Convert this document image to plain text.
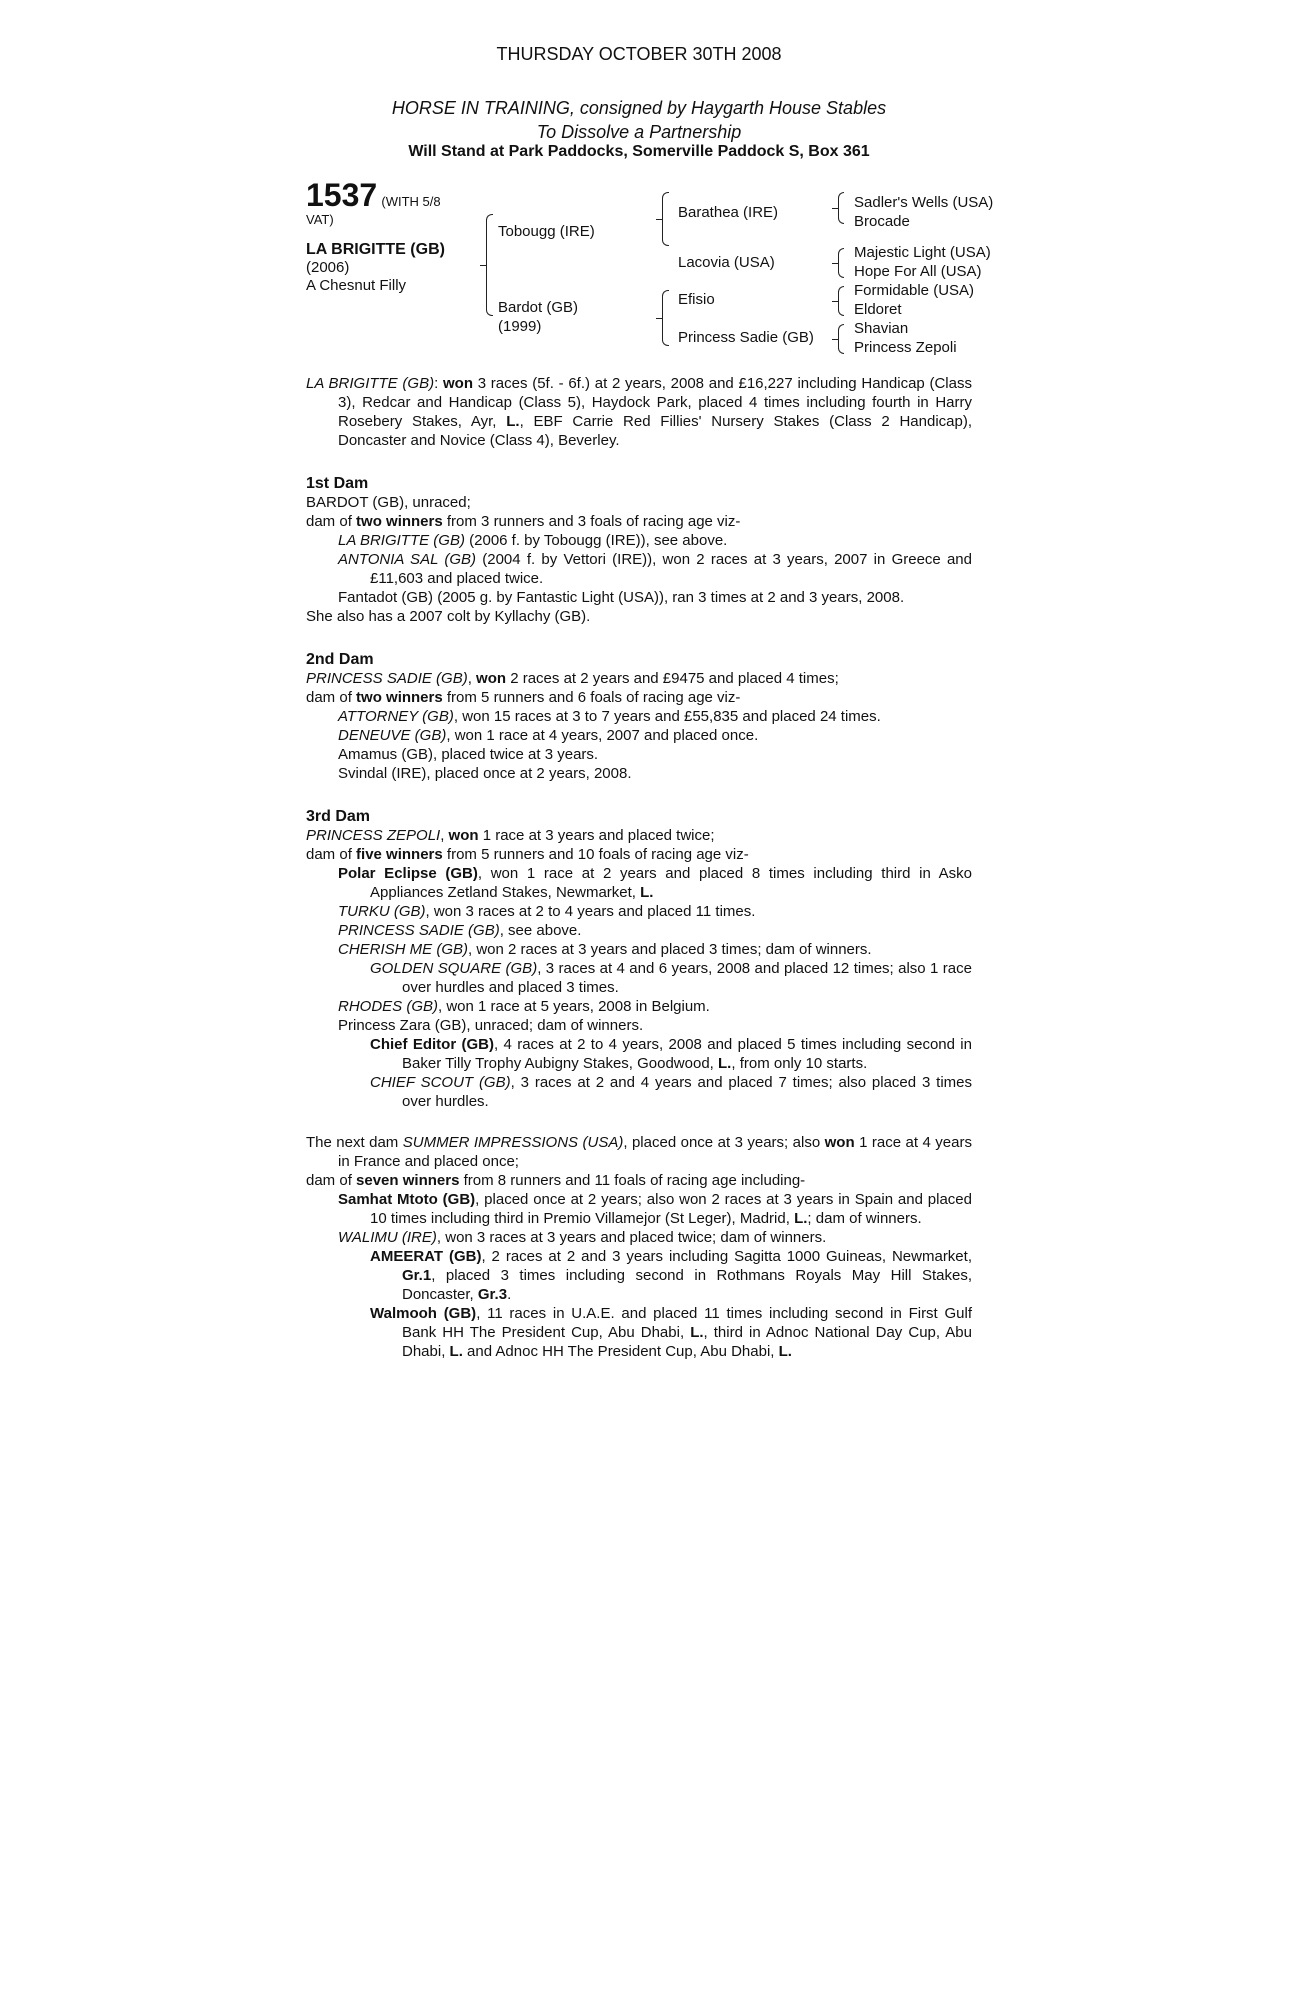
THURSDAY OCTOBER 30TH 2008
HORSE IN TRAINING, consigned by Haygarth House Stables
To Dissolve a Partnership
Will Stand at Park Paddocks, Somerville Paddock S, Box 361
1537 (WITH 5/8
VAT)
LA BRIGITTE (GB)
(2006)
A Chesnut Filly
Tobougg (IRE)
Bardot (GB)
(1999)
Barathea (IRE)
Lacovia (USA)
Efisio
Princess Sadie (GB)
Sadler's Wells (USA)
Brocade
Majestic Light (USA)
Hope For All (USA)
Formidable (USA)
Eldoret
Shavian
Princess Zepoli

LA BRIGITTE (GB): won 3 races (5f. - 6f.) at 2 years, 2008 and £16,227 including Handicap (Class 3), Redcar and Handicap (Class 5), Haydock Park, placed 4 times including fourth in Harry Rosebery Stakes, Ayr, L., EBF Carrie Red Fillies' Nursery Stakes (Class 2 Handicap), Doncaster and Novice (Class 4), Beverley.

1st Dam

BARDOT (GB), unraced;

dam of two winners from 3 runners and 3 foals of racing age viz-

LA BRIGITTE (GB) (2006 f. by Tobougg (IRE)), see above.

ANTONIA SAL (GB) (2004 f. by Vettori (IRE)), won 2 races at 3 years, 2007 in Greece and £11,603 and placed twice.

Fantadot (GB) (2005 g. by Fantastic Light (USA)), ran 3 times at 2 and 3 years, 2008.

She also has a 2007 colt by Kyllachy (GB).

2nd Dam

PRINCESS SADIE (GB), won 2 races at 2 years and £9475 and placed 4 times;

dam of two winners from 5 runners and 6 foals of racing age viz-

ATTORNEY (GB), won 15 races at 3 to 7 years and £55,835 and placed 24 times.

DENEUVE (GB), won 1 race at 4 years, 2007 and placed once.

Amamus (GB), placed twice at 3 years.

Svindal (IRE), placed once at 2 years, 2008.

3rd Dam

PRINCESS ZEPOLI, won 1 race at 3 years and placed twice;

dam of five winners from 5 runners and 10 foals of racing age viz-

Polar Eclipse (GB), won 1 race at 2 years and placed 8 times including third in Asko Appliances Zetland Stakes, Newmarket, L.

TURKU (GB), won 3 races at 2 to 4 years and placed 11 times.

PRINCESS SADIE (GB), see above.

CHERISH ME (GB), won 2 races at 3 years and placed 3 times; dam of winners.

GOLDEN SQUARE (GB), 3 races at 4 and 6 years, 2008 and placed 12 times; also 1 race over hurdles and placed 3 times.

RHODES (GB), won 1 race at 5 years, 2008 in Belgium.

Princess Zara (GB), unraced; dam of winners.

Chief Editor (GB), 4 races at 2 to 4 years, 2008 and placed 5 times including second in Baker Tilly Trophy Aubigny Stakes, Goodwood, L., from only 10 starts.

CHIEF SCOUT (GB), 3 races at 2 and 4 years and placed 7 times; also placed 3 times over hurdles.

The next dam SUMMER IMPRESSIONS (USA), placed once at 3 years; also won 1 race at 4 years in France and placed once;

dam of seven winners from 8 runners and 11 foals of racing age including-

Samhat Mtoto (GB), placed once at 2 years; also won 2 races at 3 years in Spain and placed 10 times including third in Premio Villamejor (St Leger), Madrid, L.; dam of winners.

WALIMU (IRE), won 3 races at 3 years and placed twice; dam of winners.

AMEERAT (GB), 2 races at 2 and 3 years including Sagitta 1000 Guineas, Newmarket, Gr.1, placed 3 times including second in Rothmans Royals May Hill Stakes, Doncaster, Gr.3.

Walmooh (GB), 11 races in U.A.E. and placed 11 times including second in First Gulf Bank HH The President Cup, Abu Dhabi, L., third in Adnoc National Day Cup, Abu Dhabi, L. and Adnoc HH The President Cup, Abu Dhabi, L.
